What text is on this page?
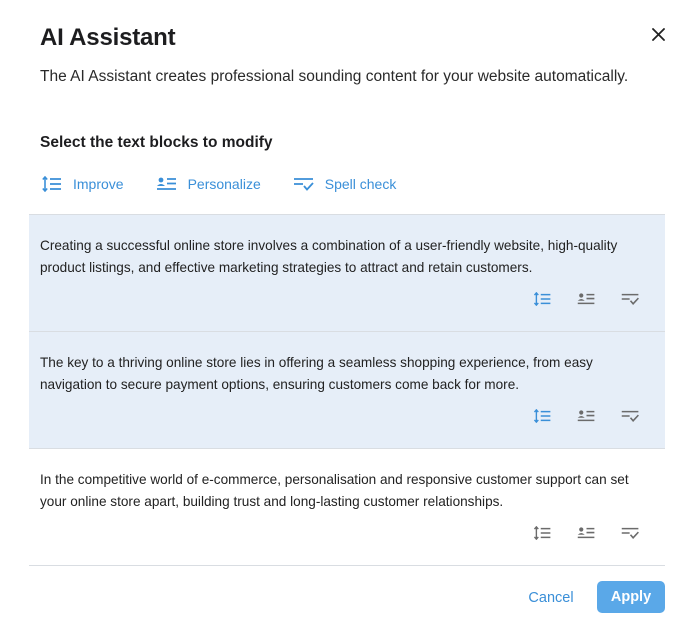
AI Assistant
The AI Assistant creates professional sounding content for your website automatically.
Select the text blocks to modify
Improve	Personalize	Spell check
Creating a successful online store involves a combination of a user-friendly website, high-quality product listings, and effective marketing strategies to attract and retain customers.
The key to a thriving online store lies in offering a seamless shopping experience, from easy navigation to secure payment options, ensuring customers come back for more.
In the competitive world of e-commerce, personalisation and responsive customer support can set your online store apart, building trust and long-lasting customer relationships.
Cancel	Apply
